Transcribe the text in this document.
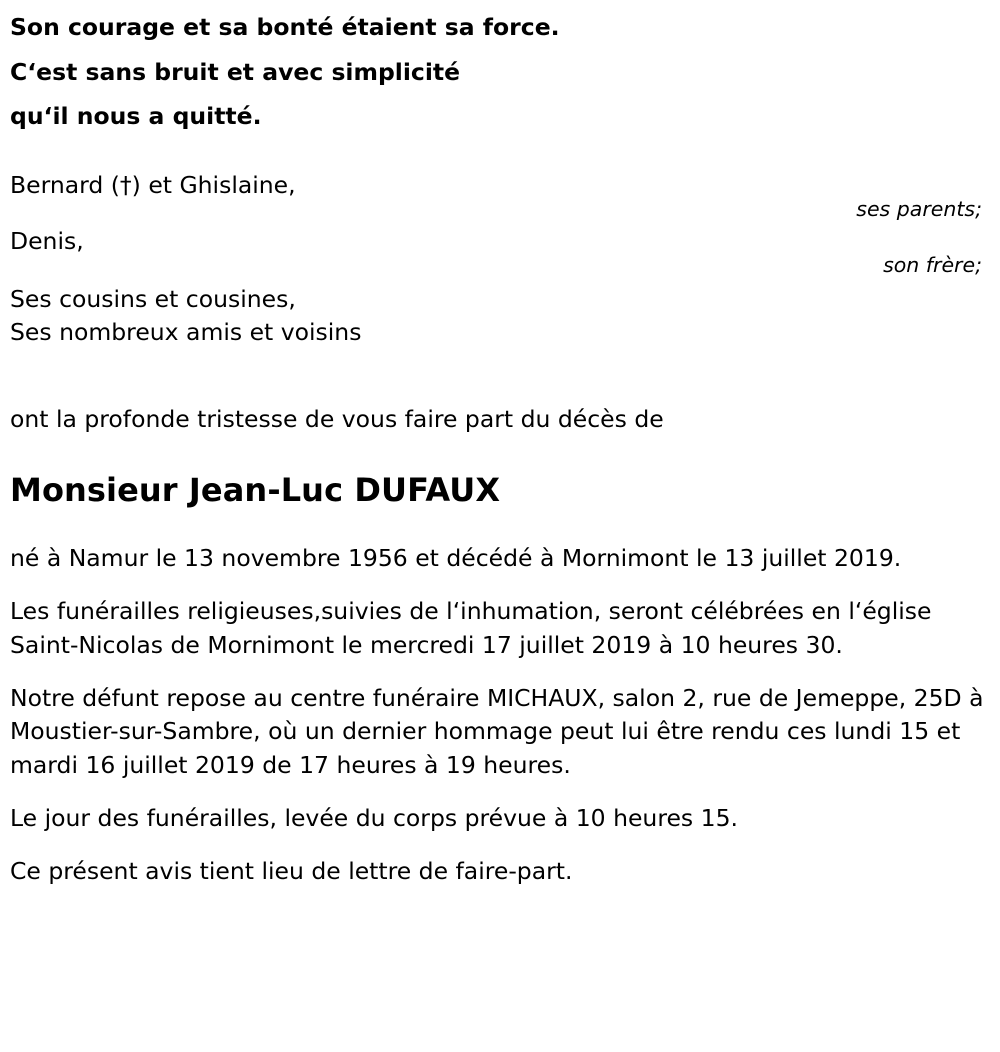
Son courage et sa bonté étaient sa force.
C‘est sans bruit et avec simplicité
qu‘il nous a quitté.
Bernard (†) et Ghislaine,
ses parents;
Denis,
son frère;
Ses cousins et cousines,
Ses nombreux amis et voisins
ont la profonde tristesse de vous faire part du décès de
Monsieur Jean-Luc DUFAUX

né à Namur le 13 novembre 1956 et décédé à Mornimont le 13 juillet 2019.

Les funérailles religieuses,suivies de l‘inhumation, seront célébrées en l‘église Saint-Nicolas de Mornimont le mercredi 17 juillet 2019 à 10 heures 30.

Notre défunt repose au centre funéraire MICHAUX, salon 2, rue de Jemeppe, 25D à Moustier-sur-Sambre, où un dernier hommage peut lui être rendu ces lundi 15 et mardi 16 juillet 2019 de 17 heures à 19 heures.

Le jour des funérailles, levée du corps prévue à 10 heures 15.

Ce présent avis tient lieu de lettre de faire-part.
